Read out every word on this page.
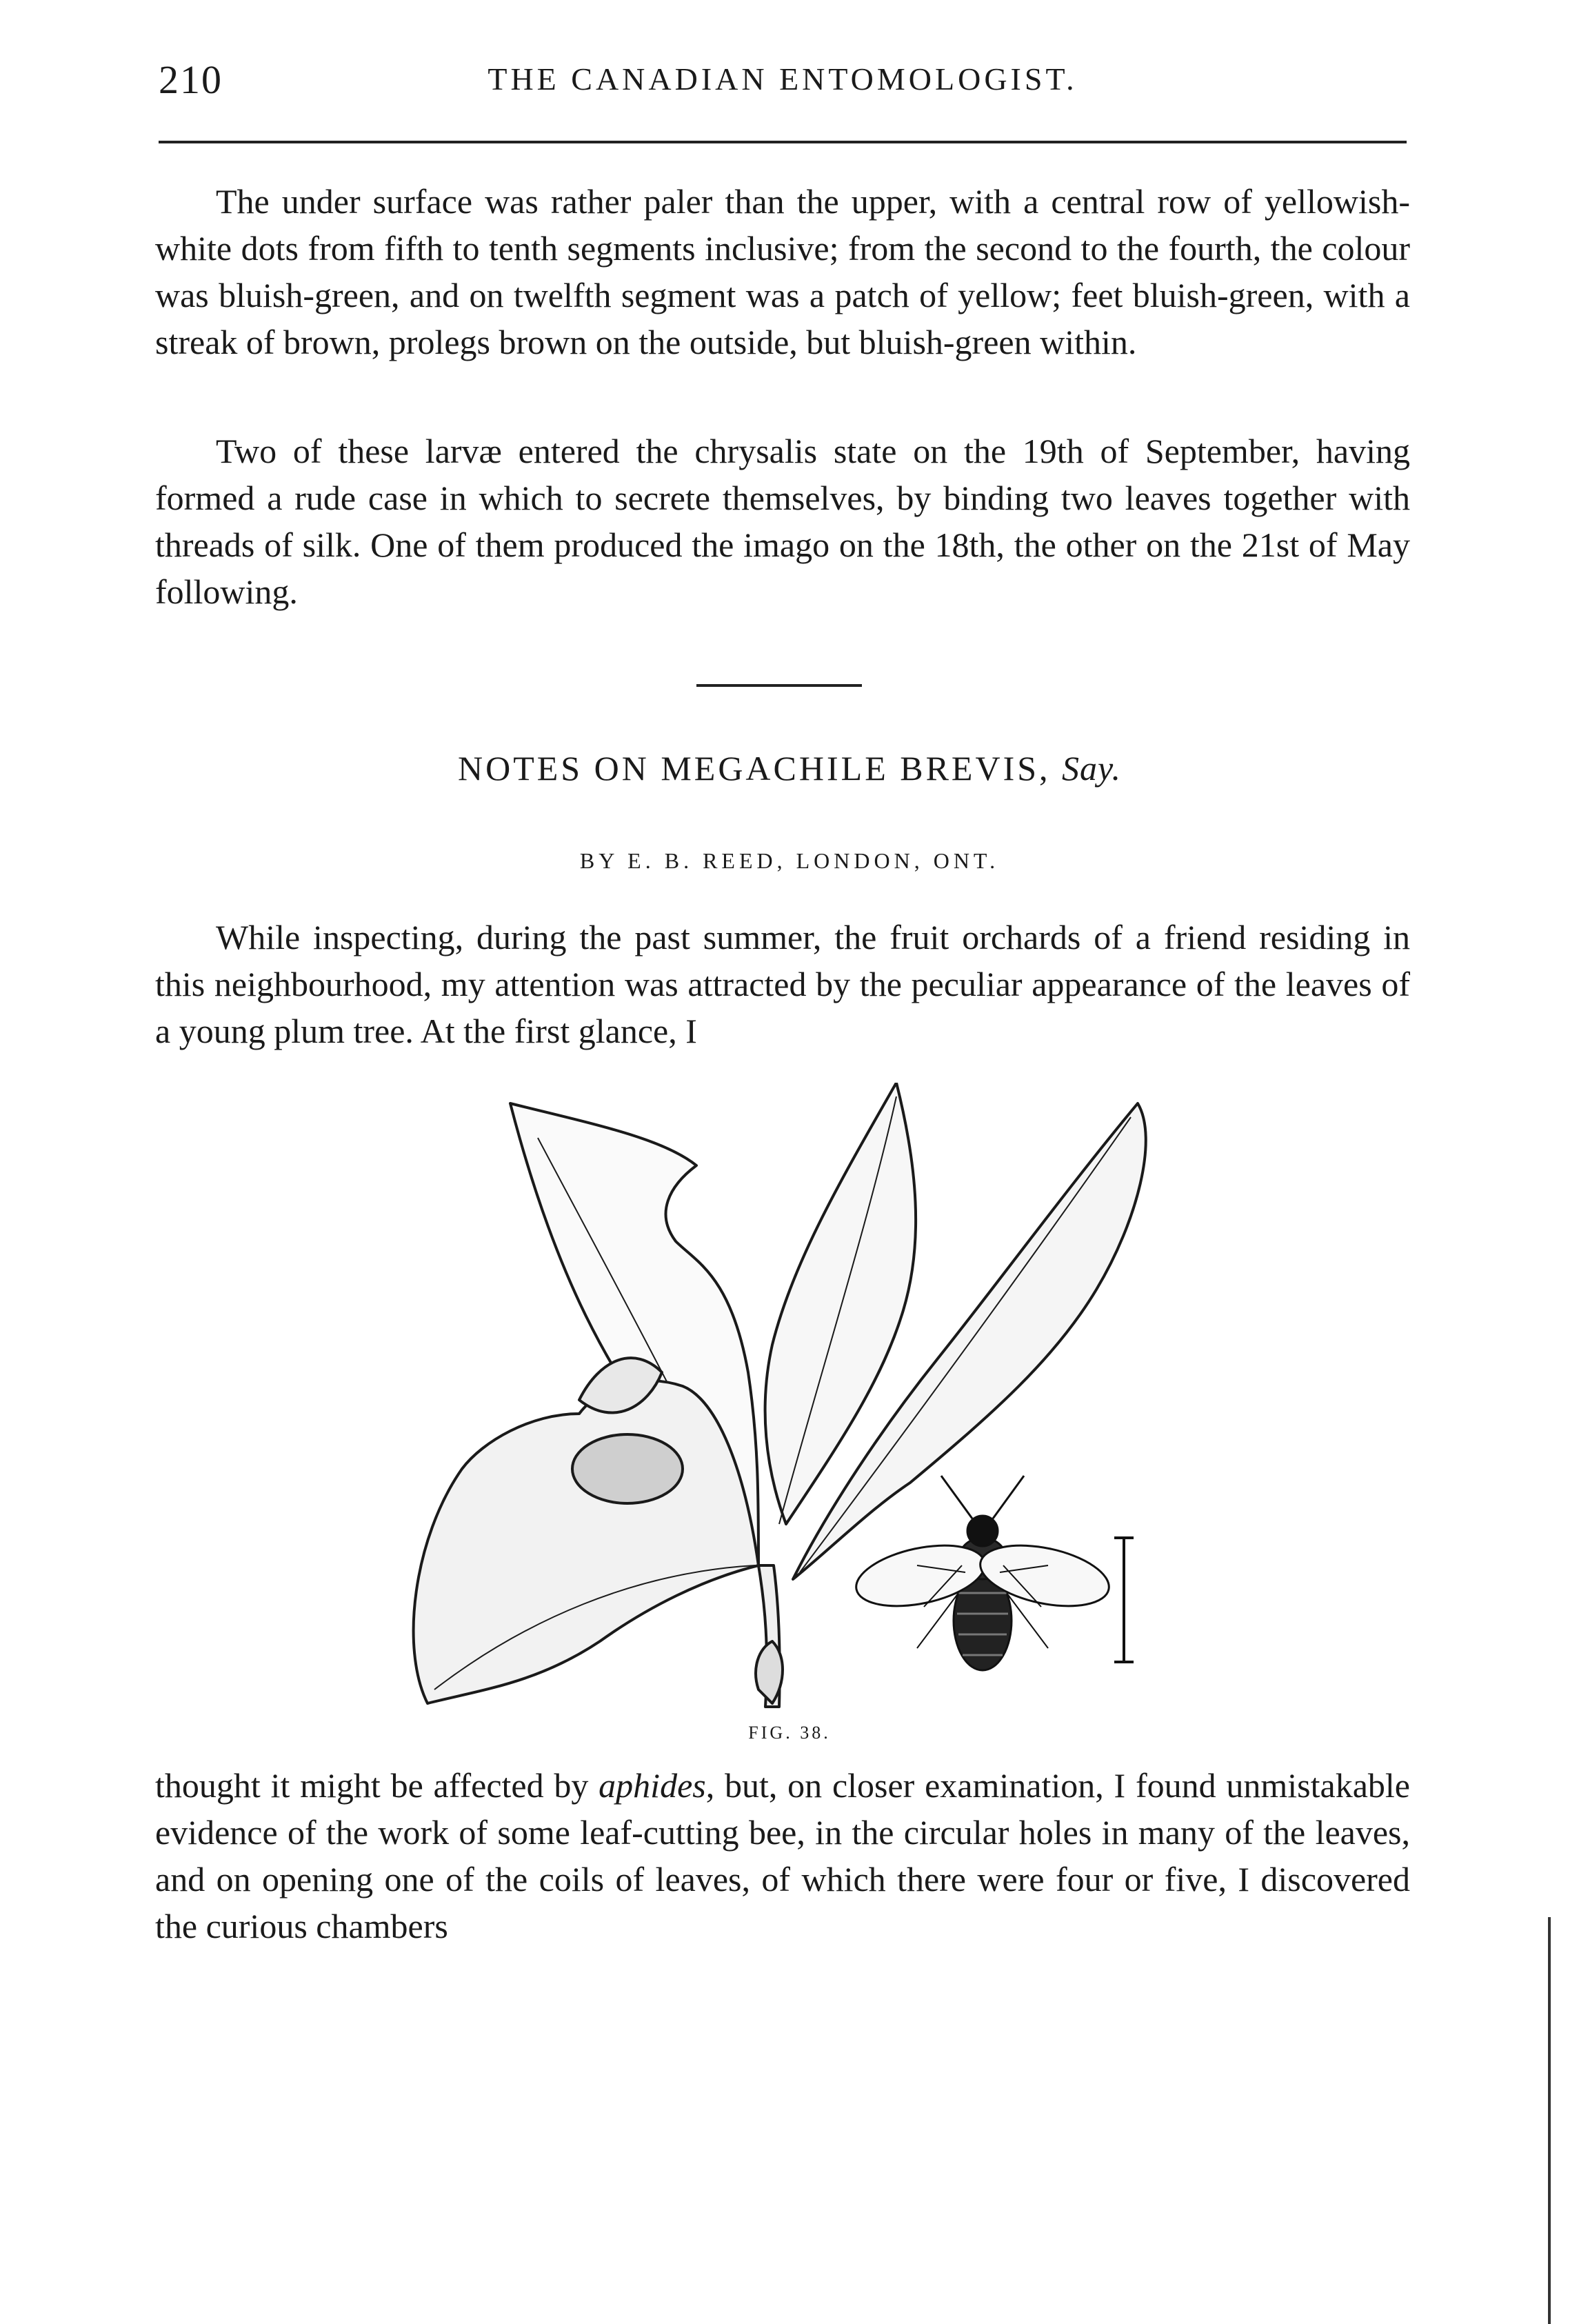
210	THE CANADIAN ENTOMOLOGIST.

The under surface was rather paler than the upper, with a central row of yellowish-white dots from fifth to tenth segments inclusive; from the second to the fourth, the colour was bluish-green, and on twelfth segment was a patch of yellow; feet bluish-green, with a streak of brown, prolegs brown on the outside, but bluish-green within.

Two of these larvæ entered the chrysalis state on the 19th of September, having formed a rude case in which to secrete themselves, by binding two leaves together with threads of silk. One of them produced the imago on the 18th, the other on the 21st of May following.

NOTES ON MEGACHILE BREVIS, Say.
BY E. B. REED, LONDON, ONT.

While inspecting, during the past summer, the fruit orchards of a friend residing in this neighbourhood, my attention was attracted by the peculiar appearance of the leaves of a young plum tree. At the first glance, I

FIG. 38.

thought it might be affected by aphides, but, on closer examination, I found unmistakable evidence of the work of some leaf-cutting bee, in the circular holes in many of the leaves, and on opening one of the coils of leaves, of which there were four or five, I discovered the curious chambers
